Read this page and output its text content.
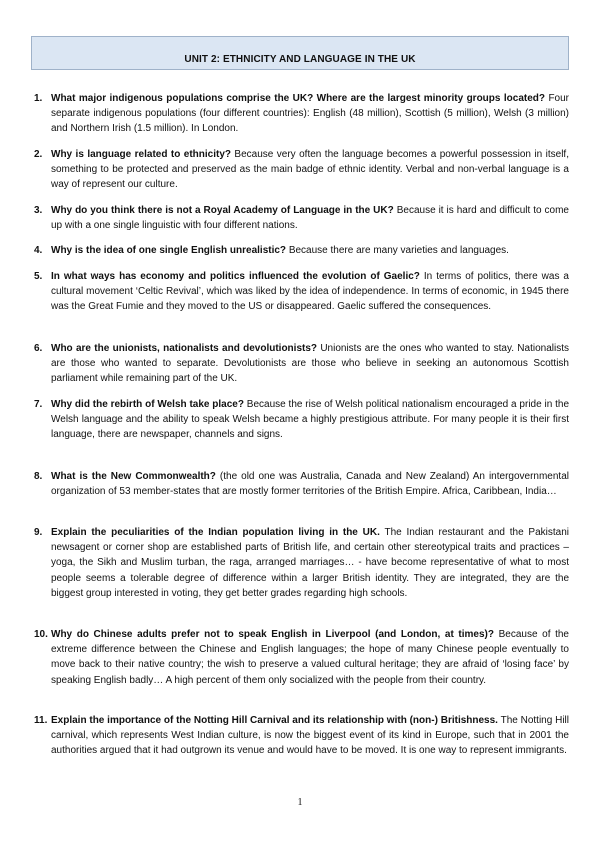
UNIT 2: ETHNICITY AND LANGUAGE IN THE UK
1. What major indigenous populations comprise the UK? Where are the largest minority groups located? Four separate indigenous populations (four different countries): English (48 million), Scottish (5 million), Welsh (3 million) and Northern Irish (1.5 million). In London.
2. Why is language related to ethnicity? Because very often the language becomes a powerful possession in itself, something to be protected and preserved as the main badge of ethnic identity. Verbal and non-verbal language is a way of represent our culture.
3. Why do you think there is not a Royal Academy of Language in the UK? Because it is hard and difficult to come up with a one single linguistic with four different nations.
4. Why is the idea of one single English unrealistic? Because there are many varieties and languages.
5. In what ways has economy and politics influenced the evolution of Gaelic? In terms of politics, there was a cultural movement ‘Celtic Revival’, which was liked by the idea of independence. In terms of economic, in 1945 there was the Great Fumie and they moved to the US or disappeared. Gaelic suffered the consequences.
6. Who are the unionists, nationalists and devolutionists? Unionists are the ones who wanted to stay. Nationalists are those who wanted to separate. Devolutionists are those who believe in seeking an autonomous Scottish parliament while remaining part of the UK.
7. Why did the rebirth of Welsh take place? Because the rise of Welsh political nationalism encouraged a pride in the Welsh language and the ability to speak Welsh became a highly prestigious attribute. For many people it is their first language, there are newspaper, channels and signs.
8. What is the New Commonwealth? (the old one was Australia, Canada and New Zealand) An intergovernmental organization of 53 member-states that are mostly former territories of the British Empire. Africa, Caribbean, India…
9. Explain the peculiarities of the Indian population living in the UK. The Indian restaurant and the Pakistani newsagent or corner shop are established parts of British life, and certain other stereotypical traits and practices – yoga, the Sikh and Muslim turban, the raga, arranged marriages… - have become representative of what to most people seems a tolerable degree of difference within a larger British identity. They are integrated, they are the biggest group interested in voting, they get better grades regarding high schools.
10. Why do Chinese adults prefer not to speak English in Liverpool (and London, at times)? Because of the extreme difference between the Chinese and English languages; the hope of many Chinese people eventually to move back to their native country; the wish to preserve a valued cultural heritage; they are afraid of ‘losing face’ by speaking English badly… A high percent of them only socialized with the people from their country.
11. Explain the importance of the Notting Hill Carnival and its relationship with (non-) Britishness. The Notting Hill carnival, which represents West Indian culture, is now the biggest event of its kind in Europe, such that in 2001 the authorities argued that it had outgrown its venue and would have to be moved. It is one way to represent immigrants.
1
